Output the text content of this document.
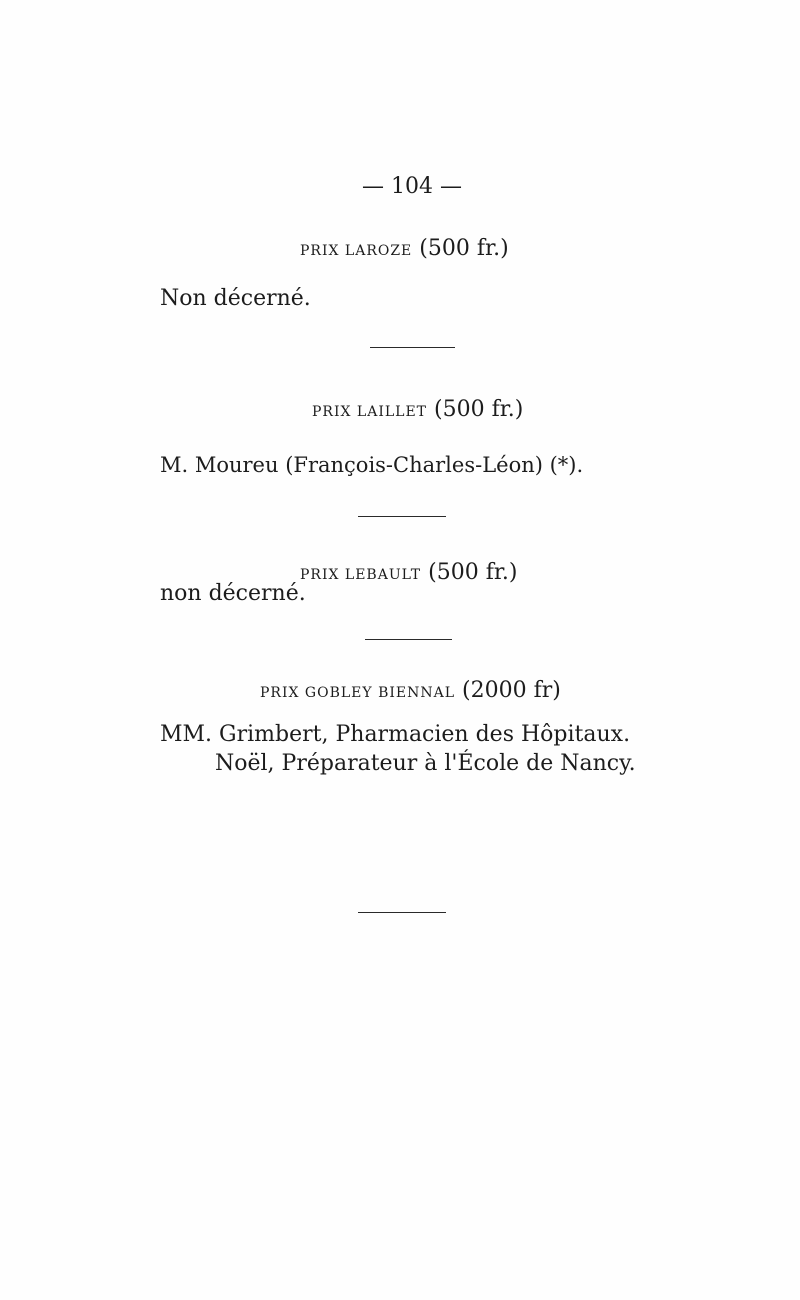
— 104 —
PRIX LAROZE (500 fr.)
Non décerné.
PRIX LAILLET (500 fr.)
M. Moureu (François-Charles-Léon) (*).
PRIX LEBAULT (500 fr.)
non décerné.
PRIX GOBLEY BIENNAL (2000 fr)
MM. Grimbert, Pharmacien des Hôpitaux.
Noël, Préparateur à l'École de Nancy.
